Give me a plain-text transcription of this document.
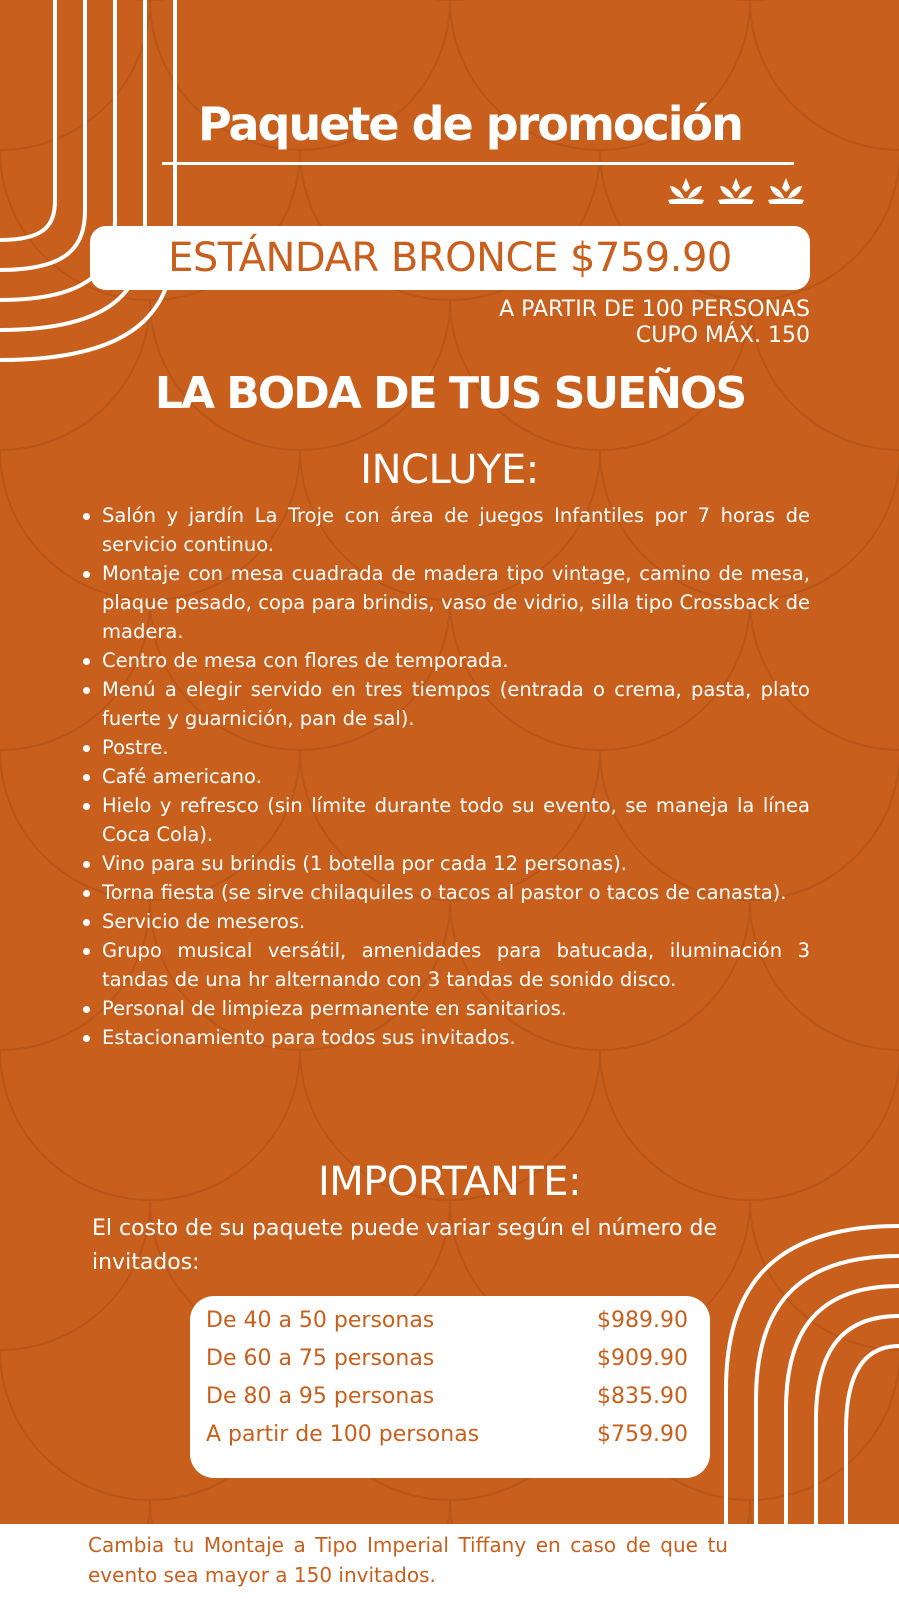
Paquete de promoción
ESTÁNDAR BRONCE $759.90
A PARTIR DE 100 PERSONAS
CUPO MÁX. 150
LA BODA DE TUS SUEÑOS
INCLUYE:
Salón y jardín La Troje con área de juegos Infantiles por 7 horas de servicio continuo.
Montaje con mesa cuadrada de madera tipo vintage, camino de mesa, plaque pesado, copa para brindis, vaso de vidrio, silla tipo Crossback de madera.
Centro de mesa con flores de temporada.
Menú a elegir servido en tres tiempos (entrada o crema, pasta, plato fuerte y guarnición, pan de sal).
Postre.
Café americano.
Hielo y refresco (sin límite durante todo su evento, se maneja la línea Coca Cola).
Vino para su brindis (1 botella por cada 12 personas).
Torna fiesta (se sirve chilaquiles o tacos al pastor o tacos de canasta).
Servicio de meseros.
Grupo musical versátil, amenidades para batucada, iluminación 3 tandas de una hr alternando con 3 tandas de sonido disco.
Personal de limpieza permanente en sanitarios.
Estacionamiento para todos sus invitados.
IMPORTANTE:
El costo de su paquete puede variar según el número de invitados:
De 40 a 50 personas	$989.90
De 60 a 75 personas	$909.90
De 80 a 95 personas	$835.90
A partir de 100 personas	$759.90
Cambia tu Montaje a Tipo Imperial Tiffany en caso de que tu evento sea mayor a 150 invitados.
